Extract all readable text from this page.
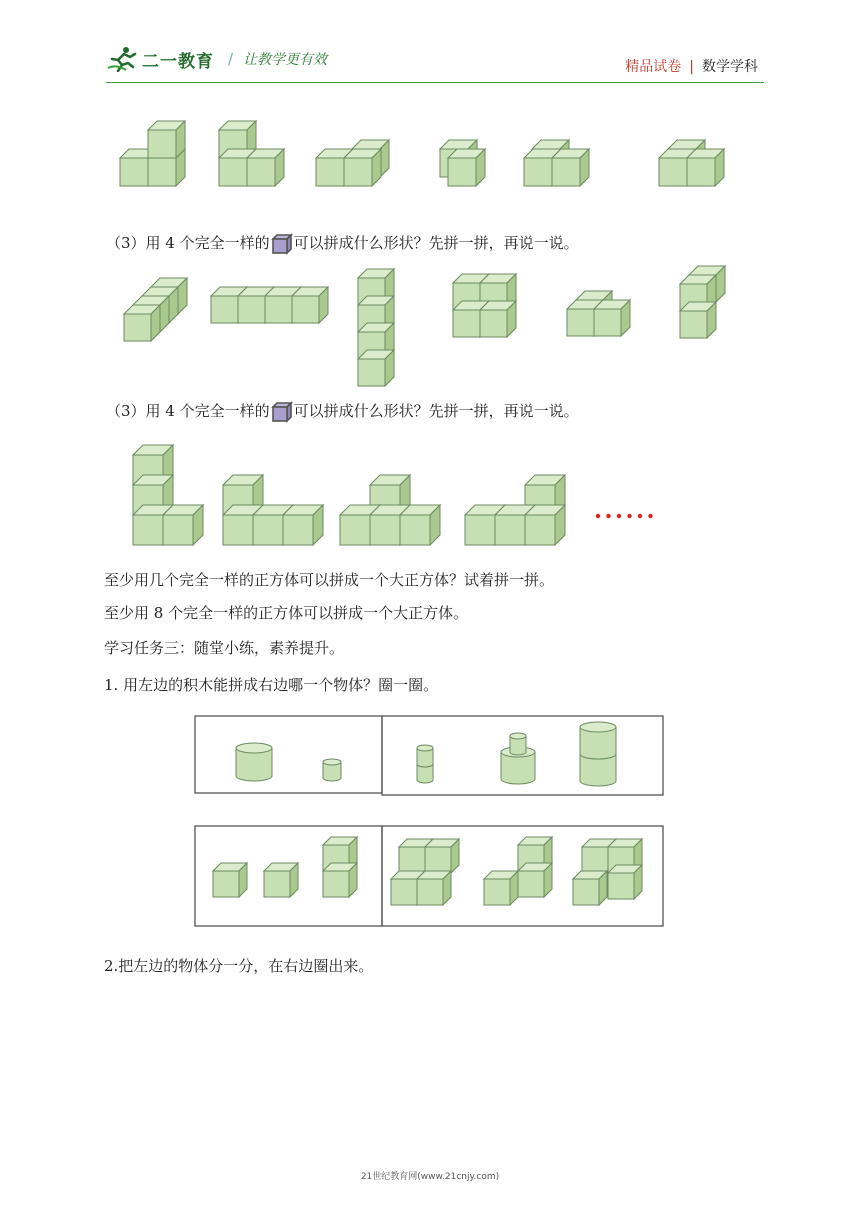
二一教育 / 让教学更有效	精品试卷 | 数学学科
（3）用 4 个完全一样的 可以拼成什么形状？先拼一拼，再说一说。
（3）用 4 个完全一样的 可以拼成什么形状？先拼一拼，再说一说。
至少用几个完全一样的正方体可以拼成一个大正方体？试着拼一拼。
至少用 8 个完全一样的正方体可以拼成一个大正方体。
学习任务三：随堂小练，素养提升。
1. 用左边的积木能拼成右边哪一个物体？圈一圈。
2.把左边的物体分一分，在右边圈出来。
21世纪教育网(www.21cnjy.com)
